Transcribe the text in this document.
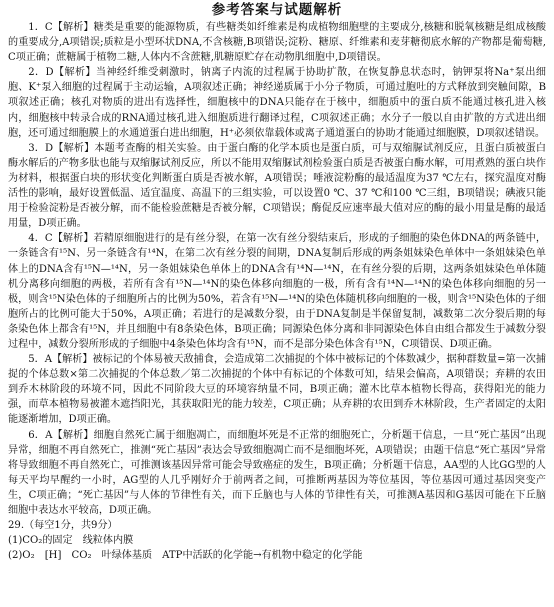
参考答案与试题解析

1．C【解析】糖类是重要的能源物质，有些糖类如纤维素是构成植物细胞壁的主要成分,核糖和脱氧核糖是组成核酸的重要成分,A项错误;质粒是小型环状DNA,不含核糖,B项错误;淀粉、糖原、纤维素和麦芽糖彻底水解的产物都是葡萄糖,C项正确；蔗糖属于植物二糖,人体内不含蔗糖,肌糖原贮存在动物肌细胞中,D项错误。

2．D【解析】当神经纤维受刺激时，钠离子内流的过程属于协助扩散，在恢复静息状态时，钠钾泵将Na⁺泵出细胞、K⁺泵入细胞的过程属于主动运输，A项叙述正确；神经递质属于小分子物质，可通过胞吐的方式释放到突触间隙，B项叙述正确；核孔对物质的进出有选择性，细胞核中的DNA只能存在于核中，细胞质中的蛋白质不能通过核孔进入核内，细胞核中转录合成的RNA通过核孔进入细胞质进行翻译过程，C项叙述正确；水分子一般以自由扩散的方式进出细胞，还可通过细胞膜上的水通道蛋白进出细胞，H⁺必须依靠载体或离子通道蛋白的协助才能通过细胞膜，D项叙述错误。

3．D【解析】本题考查酶的相关实验。由于蛋白酶的化学本质也是蛋白质，可与双缩脲试剂反应，且蛋白质被蛋白酶水解后的产物多肽也能与双缩脲试剂反应，所以不能用双缩脲试剂检验蛋白质是否被蛋白酶水解，可用煮熟的蛋白块作为材料，根据蛋白块的形状变化判断蛋白质是否被水解，A项错误；唾液淀粉酶的最适温度为37 ℃左右，探究温度对酶活性的影响，最好设置低温、适宜温度、高温下的三组实验，可以设置0 ℃、37 ℃和100 ℃三组，B项错误；碘液只能用于检验淀粉是否被分解，而不能检验蔗糖是否被分解，C项错误；酶促反应速率最大值对应的酶的最小用量是酶的最适用量，D项正确。

4．C【解析】若精原细胞进行的是有丝分裂，在第一次有丝分裂结束后，形成的子细胞的染色体DNA的两条链中，一条链含有¹⁵N、另一条链含有¹⁴N，在第二次有丝分裂的间期，DNA复制后形成的两条姐妹染色单体中一条姐妹染色单体上的DNA含有¹⁵N—¹⁴N，另一条姐妹染色单体上的DNA含有¹⁴N—¹⁴N，在有丝分裂的后期，这两条姐妹染色单体随机分离移向细胞的两极，若所有含有¹⁵N—¹⁴N的染色体移向细胞的一极，所有含有¹⁴N—¹⁴N的染色体移向细胞的另一极，则含¹⁵N染色体的子细胞所占的比例为50%，若含有¹⁵N—¹⁴N的染色体随机移向细胞的一极，则含¹⁵N染色体的子细胞所占的比例可能大于50%，A项正确；若进行的是减数分裂，由于DNA复制是半保留复制，减数第二次分裂后期的每条染色体上都含有¹⁵N，并且细胞中有8条染色体，B项正确；同源染色体分离和非同源染色体自由组合都发生于减数分裂过程中，减数分裂所形成的子细胞中4条染色体均含有¹⁵N，而不是部分染色体含有¹⁵N，C项错误、D项正确。

5．A【解析】被标记的个体易被天敌捕食，会造成第二次捕捉的个体中被标记的个体数减少，据种群数量=第一次捕捉的个体总数×第二次捕捉的个体总数／第二次捕捉的个体中有标记的个体数可知，结果会偏高，A项错误；弃耕的农田到乔木林阶段的环境不同，因此不同阶段大豆的环境容纳量不同，B项正确；灌木比草本植物长得高，获得阳光的能力强，而草本植物易被灌木遮挡阳光，其获取阳光的能力较差，C项正确；从弃耕的农田到乔木林阶段，生产者固定的太阳能逐渐增加，D项正确。

6．A【解析】细胞自然死亡属于细胞凋亡，而细胞坏死是不正常的细胞死亡，分析题干信息，一旦“死亡基因”出现异常，细胞不再自然死亡，推测“死亡基因”表达会导致细胞凋亡而不是细胞坏死，A项错误；由题干信息“死亡基因”异常将导致细胞不再自然死亡，可推测该基因异常可能会导致癌症的发生，B项正确；分析题干信息，AA型的人比GG型的人每天平均早醒约一小时，AG型的人几乎刚好介于前两者之间，可推断两基因为等位基因，等位基因可通过基因突变产生，C项正确；“死亡基因”与人体的节律性有关，而下丘脑也与人体的节律性有关，可推测A基因和G基因可能在下丘脑细胞中表达水平较高，D项正确。

29.（每空1分，共9分）

(1)CO₂的固定　线粒体内膜

(2)O₂　[H]　CO₂　叶绿体基质　ATP中活跃的化学能→有机物中稳定的化学能
